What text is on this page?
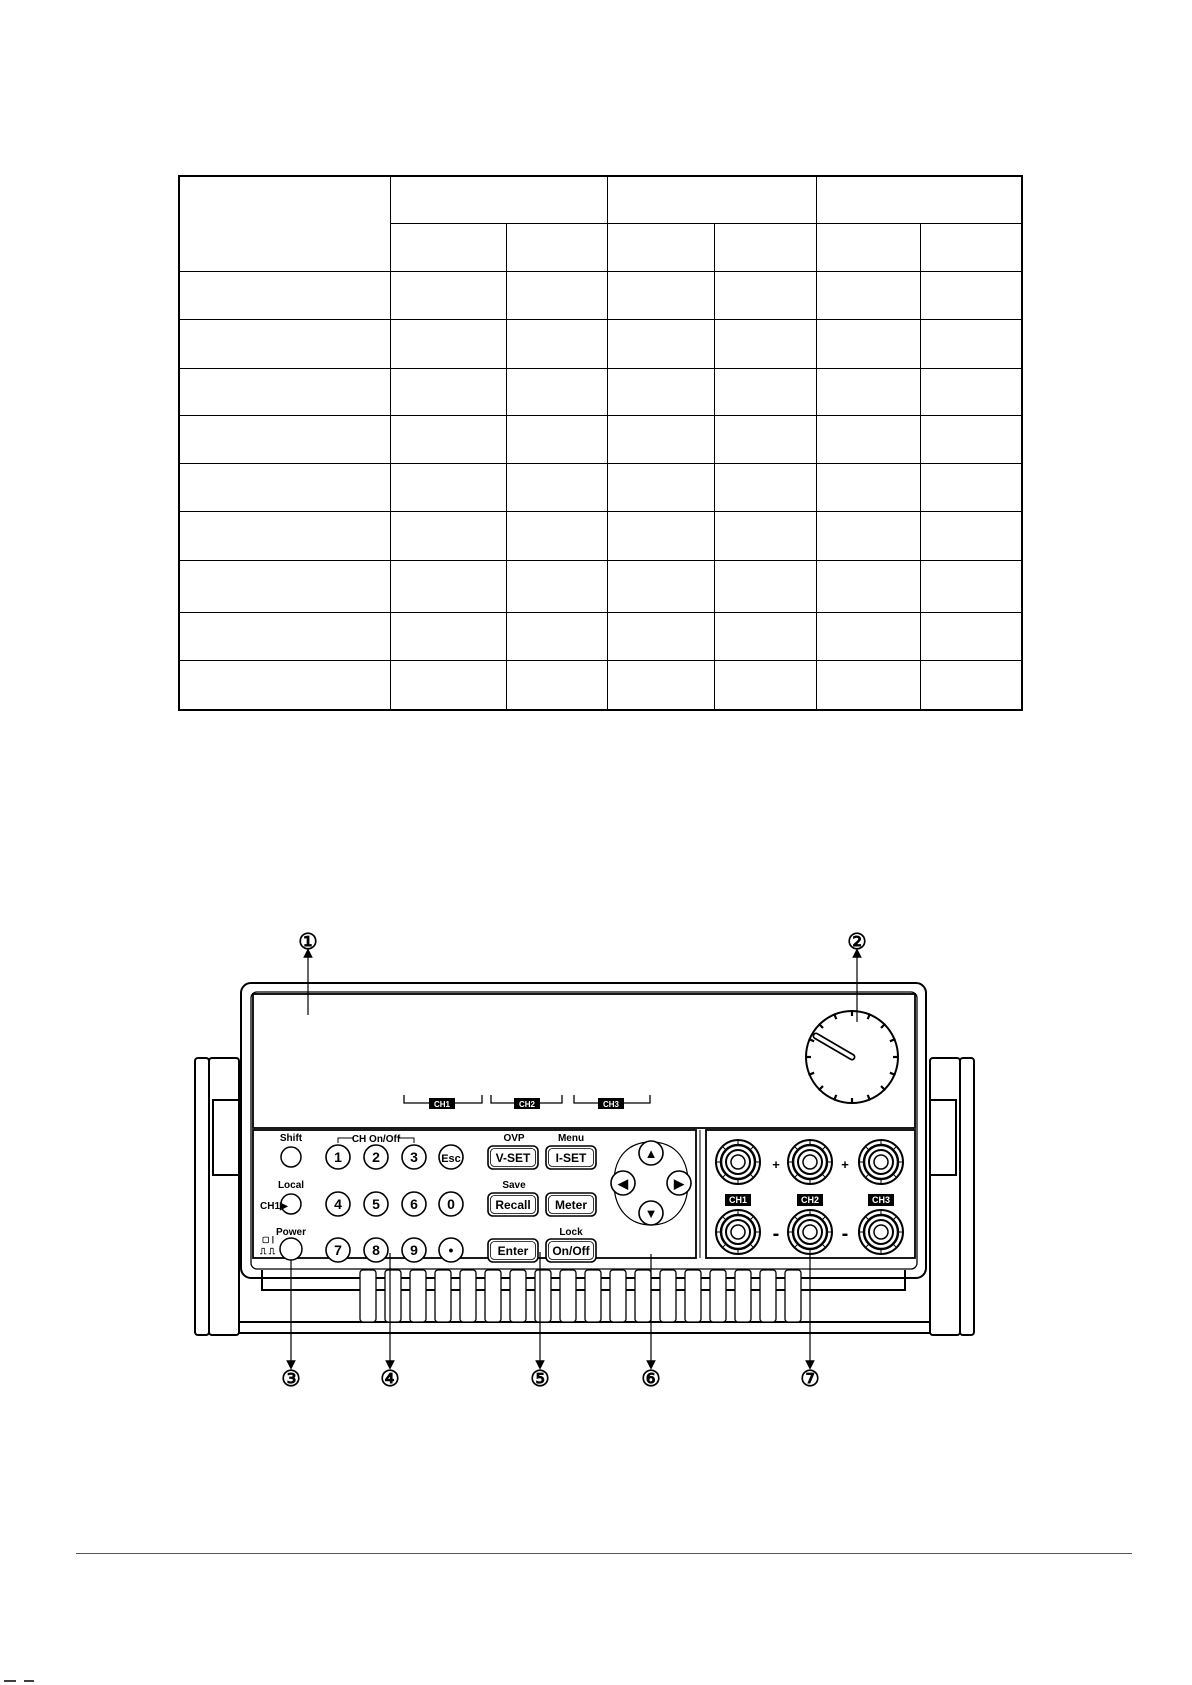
CH1	CH2	CH3
Shift
Local
CH1▶
Power
▢ |
⎍ ⎍
CH On/Off
1 2 3 Esc
4 5 6 0
7 8 9 •
OVP	Menu
Save
Lock
V-SET I-SET
Recall Meter
Enter On/Off
▲
◀	▶
▼
+	+
-	-
CH1	CH2	CH3
①	②
③	④	⑤	⑥	⑦
